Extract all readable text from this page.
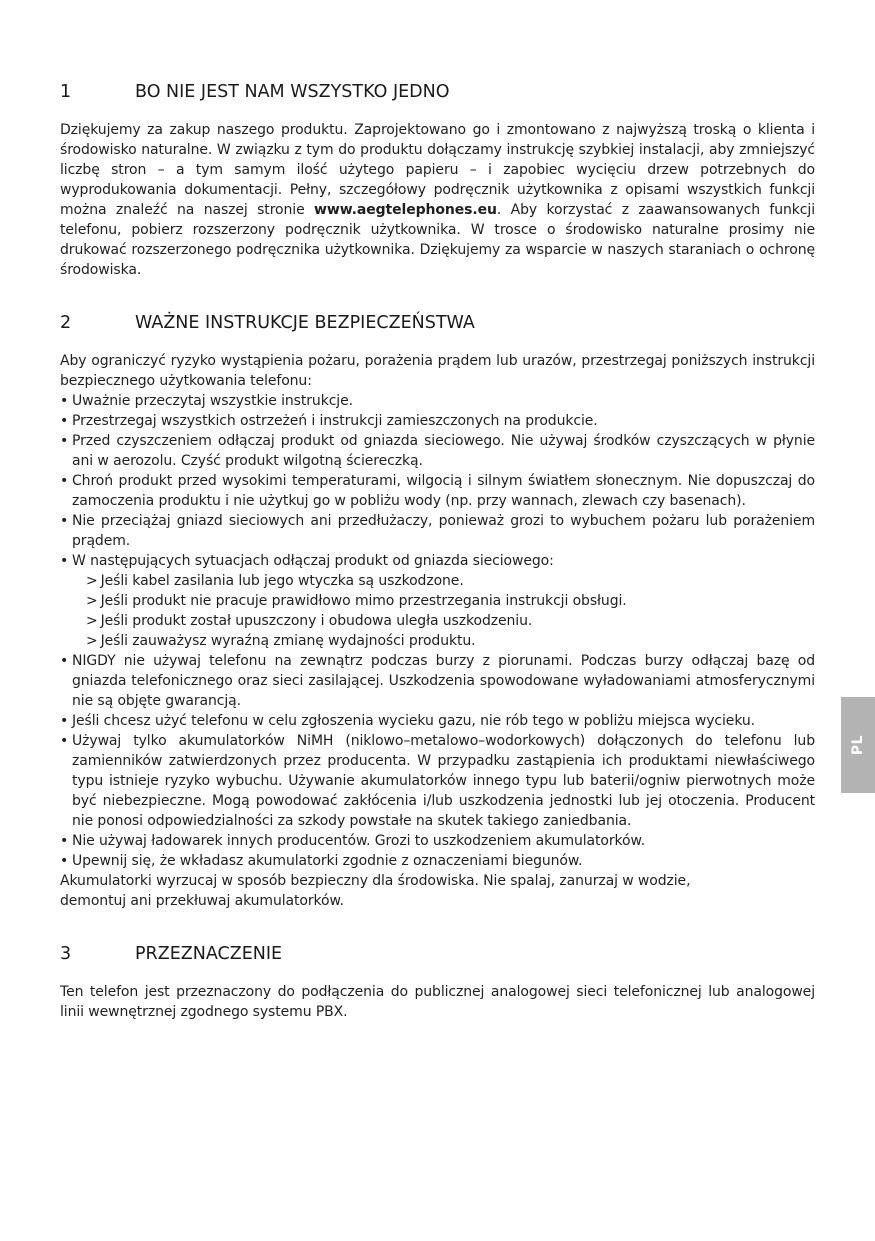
1	BO NIE JEST NAM WSZYSTKO JEDNO

Dziękujemy za zakup naszego produktu. Zaprojektowano go i zmontowano z najwyższą troską o klienta i środowisko naturalne. W związku z tym do produktu dołączamy instrukcję szybkiej instalacji, aby zmniejszyć liczbę stron – a tym samym ilość użytego papieru – i zapobiec wycięciu drzew potrzebnych do wyprodukowania dokumentacji. Pełny, szczegółowy podręcznik użytkownika z opisami wszystkich funkcji można znaleźć na naszej stronie www.aegtelephones.eu. Aby korzystać z zaawansowanych funkcji telefonu, pobierz rozszerzony podręcznik użytkownika. W trosce o środowisko naturalne prosimy nie drukować rozszerzonego podręcznika użytkownika. Dziękujemy za wsparcie w naszych staraniach o ochronę środowiska.

2	WAŻNE INSTRUKCJE BEZPIECZEŃSTWA

Aby ograniczyć ryzyko wystąpienia pożaru, porażenia prądem lub urazów, przestrzegaj poniższych instrukcji bezpiecznego użytkowania telefonu:

• Uważnie przeczytaj wszystkie instrukcje.
• Przestrzegaj wszystkich ostrzeżeń i instrukcji zamieszczonych na produkcie.
• Przed czyszczeniem odłączaj produkt od gniazda sieciowego. Nie używaj środków czyszczących w płynie ani w aerozolu. Czyść produkt wilgotną ściereczką.
• Chroń produkt przed wysokimi temperaturami, wilgocią i silnym światłem słonecznym. Nie dopuszczaj do zamoczenia produktu i nie użytkuj go w pobliżu wody (np. przy wannach, zlewach czy basenach).
• Nie przeciążaj gniazd sieciowych ani przedłużaczy, ponieważ grozi to wybuchem pożaru lub porażeniem prądem.
• W następujących sytuacjach odłączaj produkt od gniazda sieciowego:
> Jeśli kabel zasilania lub jego wtyczka są uszkodzone.
> Jeśli produkt nie pracuje prawidłowo mimo przestrzegania instrukcji obsługi.
> Jeśli produkt został upuszczony i obudowa uległa uszkodzeniu.
> Jeśli zauważysz wyraźną zmianę wydajności produktu.
• NIGDY nie używaj telefonu na zewnątrz podczas burzy z piorunami. Podczas burzy odłączaj bazę od gniazda telefonicznego oraz sieci zasilającej. Uszkodzenia spowodowane wyładowaniami atmosferycznymi nie są objęte gwarancją.
• Jeśli chcesz użyć telefonu w celu zgłoszenia wycieku gazu, nie rób tego w pobliżu miejsca wycieku.
• Używaj tylko akumulatorków NiMH (niklowo–metalowo–wodorkowych) dołączonych do telefonu lub zamienników zatwierdzonych przez producenta. W przypadku zastąpienia ich produktami niewłaściwego typu istnieje ryzyko wybuchu. Używanie akumulatorków innego typu lub baterii/ogniw pierwotnych może być niebezpieczne. Mogą powodować zakłócenia i/lub uszkodzenia jednostki lub jej otoczenia. Producent nie ponosi odpowiedzialności za szkody powstałe na skutek takiego zaniedbania.
• Nie używaj ładowarek innych producentów. Grozi to uszkodzeniem akumulatorków.
• Upewnij się, że wkładasz akumulatorki zgodnie z oznaczeniami biegunów.

Akumulatorki wyrzucaj w sposób bezpieczny dla środowiska. Nie spalaj, zanurzaj w wodzie,
demontuj ani przekłuwaj akumulatorków.

3	PRZEZNACZENIE

Ten telefon jest przeznaczony do podłączenia do publicznej analogowej sieci telefonicznej lub analogowej linii wewnętrznej zgodnego systemu PBX.

PL
